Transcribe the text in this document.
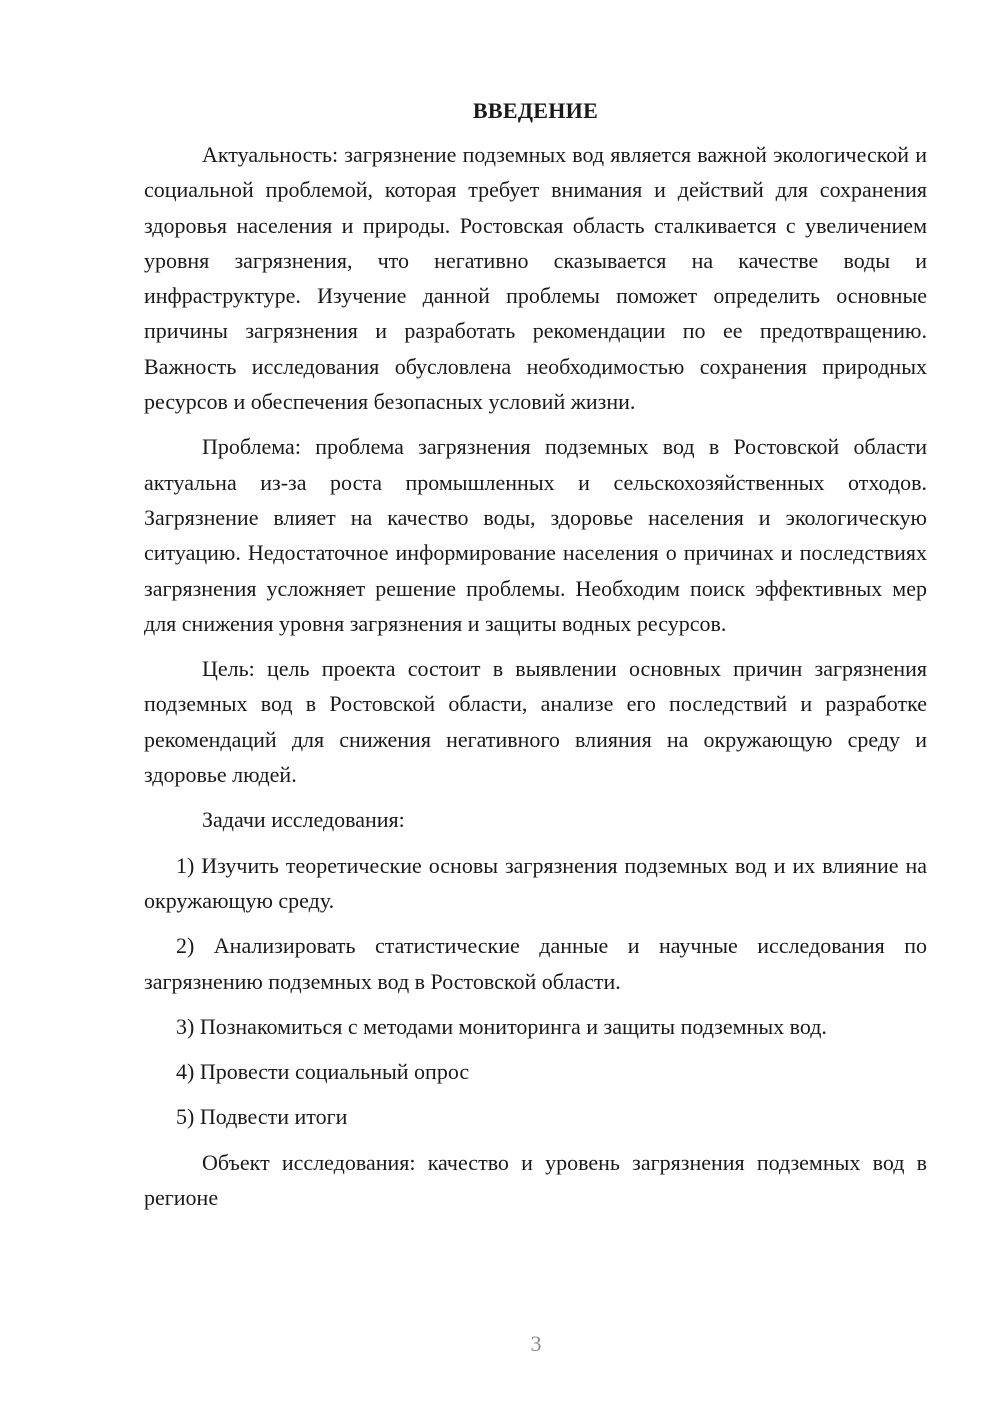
ВВЕДЕНИЕ

Актуальность: загрязнение подземных вод является важной экологической и социальной проблемой, которая требует внимания и действий для сохранения здоровья населения и природы. Ростовская область сталкивается с увеличением уровня загрязнения, что негативно сказывается на качестве воды и инфраструктуре. Изучение данной проблемы поможет определить основные причины загрязнения и разработать рекомендации по ее предотвращению. Важность исследования обусловлена необходимостью сохранения природных ресурсов и обеспечения безопасных условий жизни.

Проблема: проблема загрязнения подземных вод в Ростовской области актуальна из-за роста промышленных и сельскохозяйственных отходов. Загрязнение влияет на качество воды, здоровье населения и экологическую ситуацию. Недостаточное информирование населения о причинах и последствиях загрязнения усложняет решение проблемы. Необходим поиск эффективных мер для снижения уровня загрязнения и защиты водных ресурсов.

Цель: цель проекта состоит в выявлении основных причин загрязнения подземных вод в Ростовской области, анализе его последствий и разработке рекомендаций для снижения негативного влияния на окружающую среду и здоровье людей.

Задачи исследования:

1) Изучить теоретические основы загрязнения подземных вод и их влияние на окружающую среду.

2) Анализировать статистические данные и научные исследования по загрязнению подземных вод в Ростовской области.

3) Познакомиться с методами мониторинга и защиты подземных вод.

4) Провести социальный опрос

5) Подвести итоги

Объект исследования: качество и уровень загрязнения подземных вод в регионе

3
